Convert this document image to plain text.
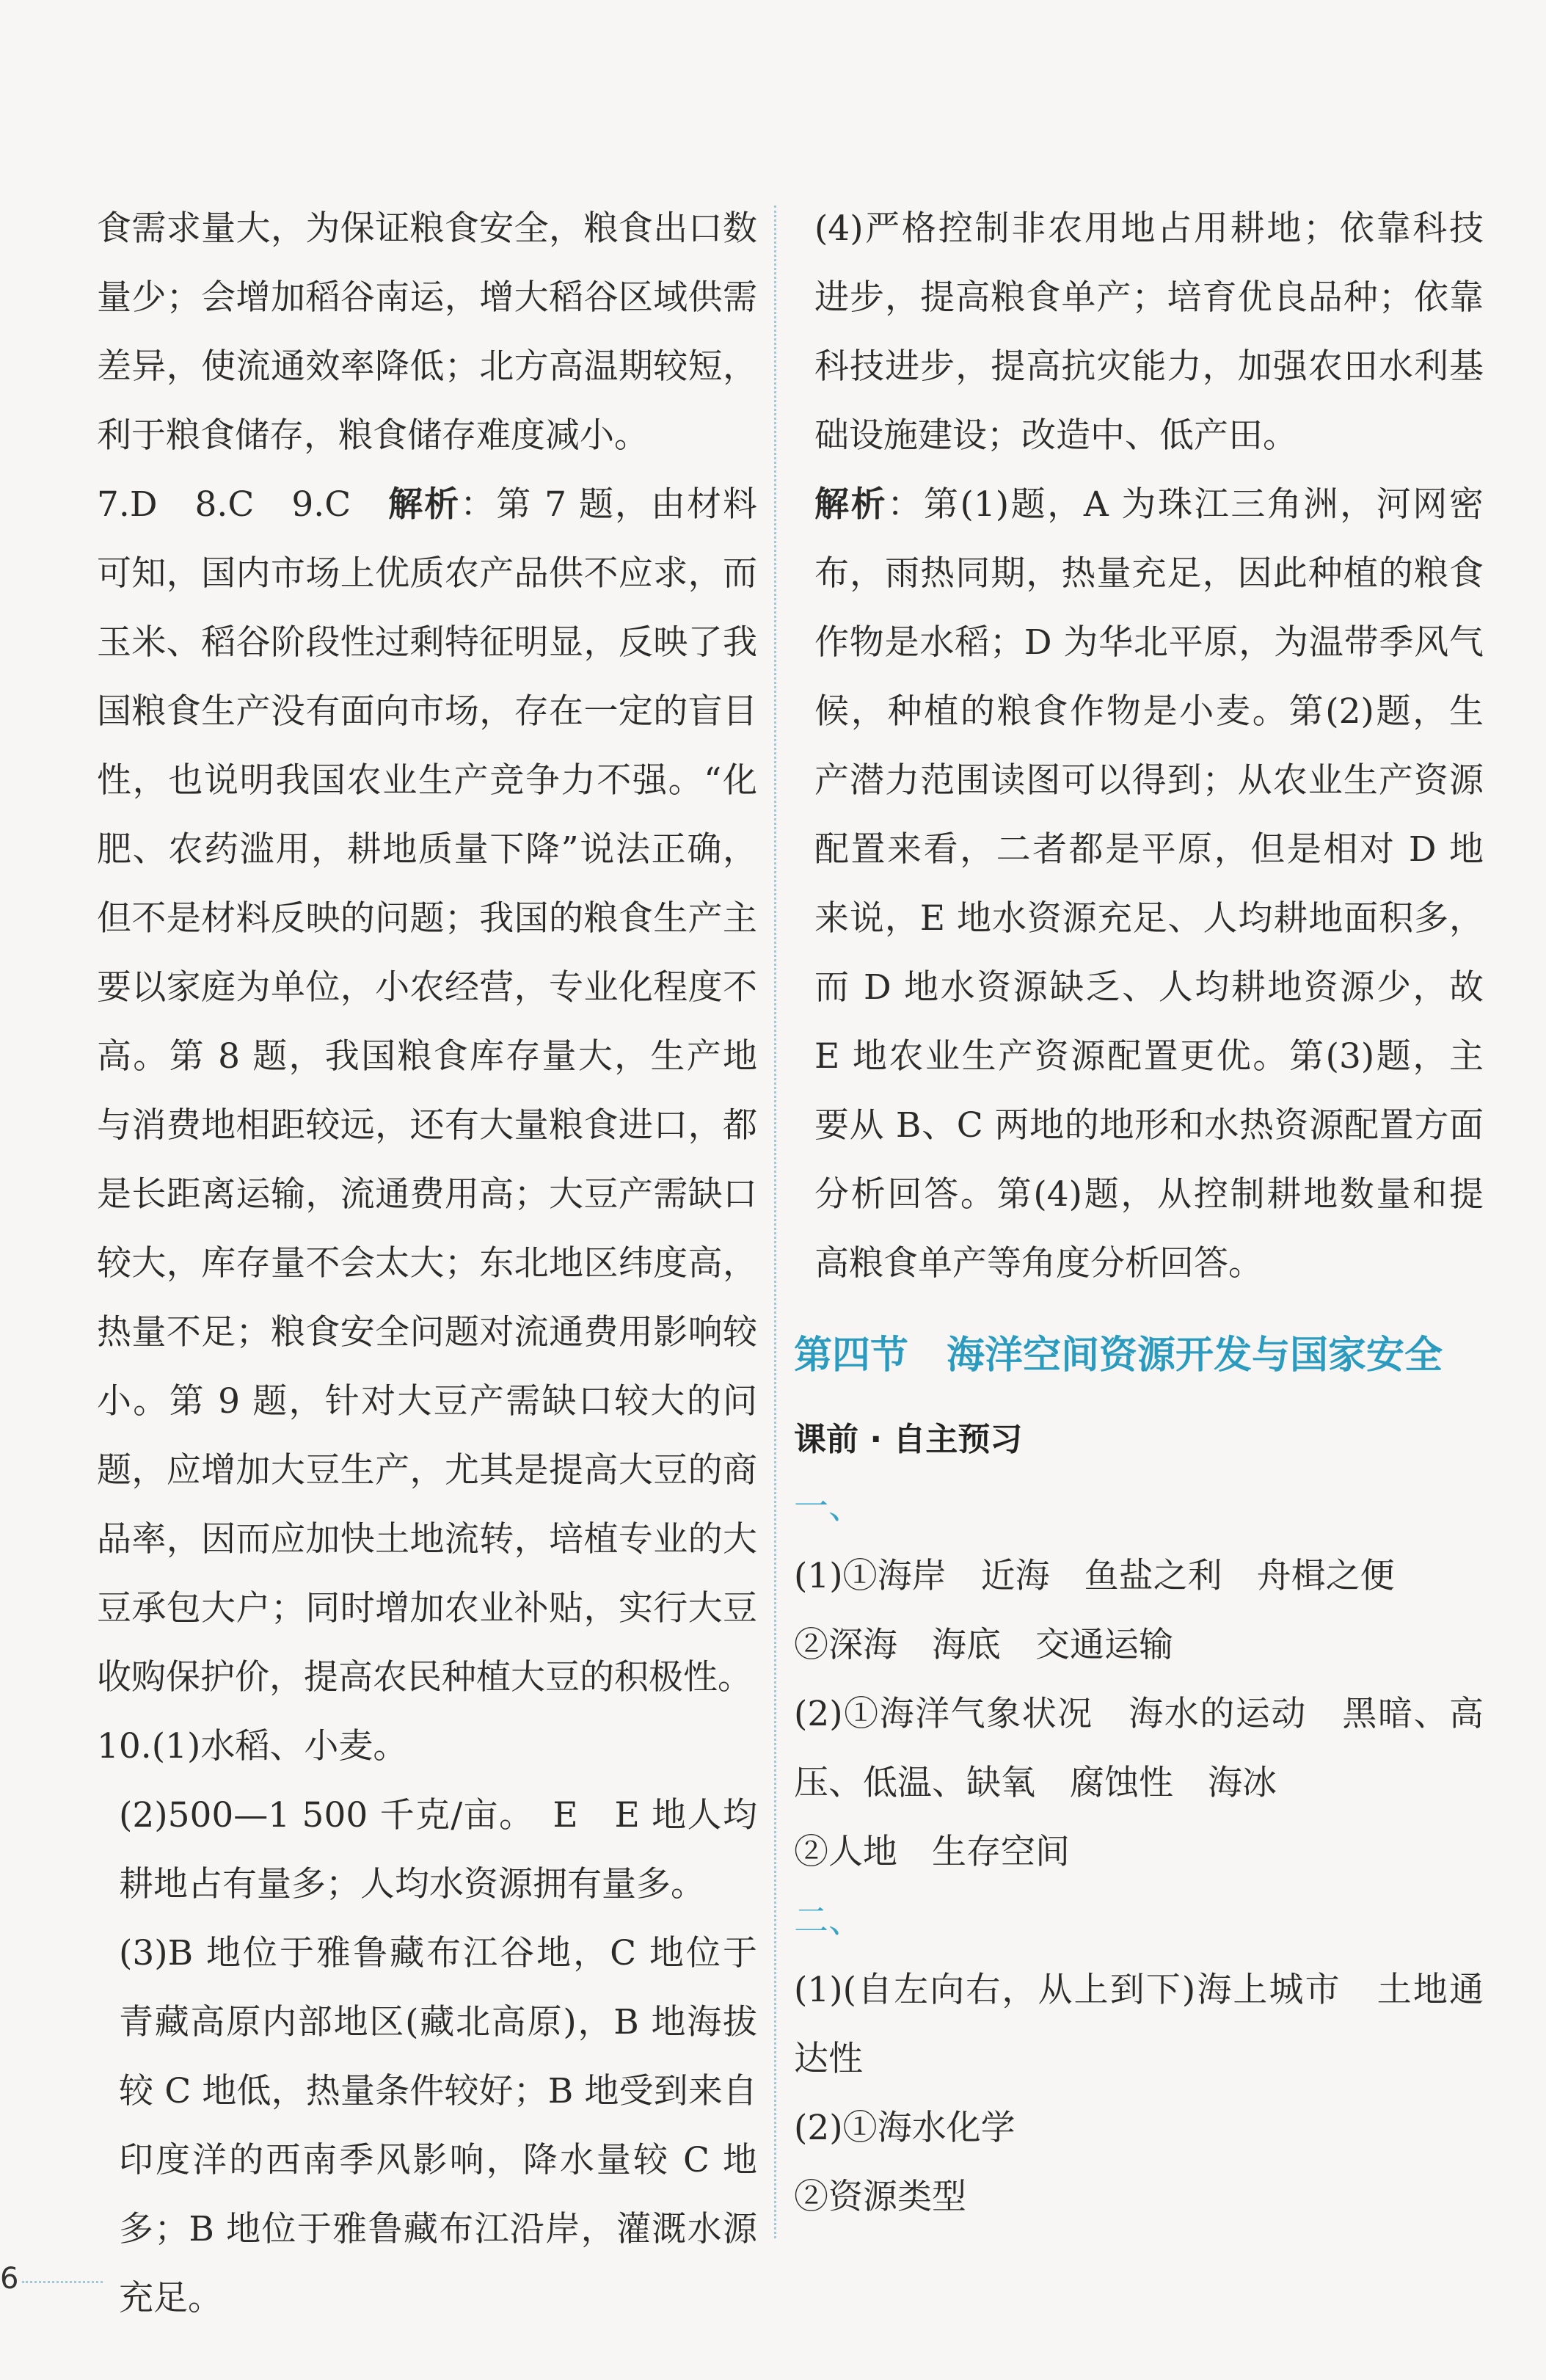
食需求量大，为保证粮食安全，粮食出口数量少；会增加稻谷南运，增大稻谷区域供需差异，使流通效率降低；北方高温期较短，利于粮食储存，粮食储存难度减小。

7.D　8.C　9.C　解析：第 7 题，由材料可知，国内市场上优质农产品供不应求，而玉米、稻谷阶段性过剩特征明显，反映了我国粮食生产没有面向市场，存在一定的盲目性，也说明我国农业生产竞争力不强。“化肥、农药滥用，耕地质量下降”说法正确，但不是材料反映的问题；我国的粮食生产主要以家庭为单位，小农经营，专业化程度不高。第 8 题，我国粮食库存量大，生产地与消费地相距较远，还有大量粮食进口，都是长距离运输，流通费用高；大豆产需缺口较大，库存量不会太大；东北地区纬度高，热量不足；粮食安全问题对流通费用影响较小。第 9 题，针对大豆产需缺口较大的问题，应增加大豆生产，尤其是提高大豆的商品率，因而应加快土地流转，培植专业的大豆承包大户；同时增加农业补贴，实行大豆收购保护价，提高农民种植大豆的积极性。

10.(1)水稻、小麦。

(2)500—1 500 千克/亩。　E　E 地人均耕地占有量多；人均水资源拥有量多。

(3)B 地位于雅鲁藏布江谷地，C 地位于青藏高原内部地区(藏北高原)，B 地海拔较 C 地低，热量条件较好；B 地受到来自印度洋的西南季风影响，降水量较 C 地多；B 地位于雅鲁藏布江沿岸，灌溉水源充足。

(4)严格控制非农用地占用耕地；依靠科技进步，提高粮食单产；培育优良品种；依靠科技进步，提高抗灾能力，加强农田水利基础设施建设；改造中、低产田。

解析：第(1)题，A 为珠江三角洲，河网密布，雨热同期，热量充足，因此种植的粮食作物是水稻；D 为华北平原，为温带季风气候，种植的粮食作物是小麦。第(2)题，生产潜力范围读图可以得到；从农业生产资源配置来看，二者都是平原，但是相对 D 地来说，E 地水资源充足、人均耕地面积多，而 D 地水资源缺乏、人均耕地资源少，故 E 地农业生产资源配置更优。第(3)题，主要从 B、C 两地的地形和水热资源配置方面分析回答。第(4)题，从控制耕地数量和提高粮食单产等角度分析回答。

第四节　 海洋空间资源开发与国家安全

课前 · 自主预习

一、

(1)①海岸　近海　鱼盐之利　舟楫之便

②深海　海底　交通运输

(2)①海洋气象状况　海水的运动　黑暗、高压、低温、缺氧　腐蚀性　海冰

②人地　生存空间

二、

(1)(自左向右，从上到下)海上城市　土地通达性

(2)①海水化学

②资源类型

6
